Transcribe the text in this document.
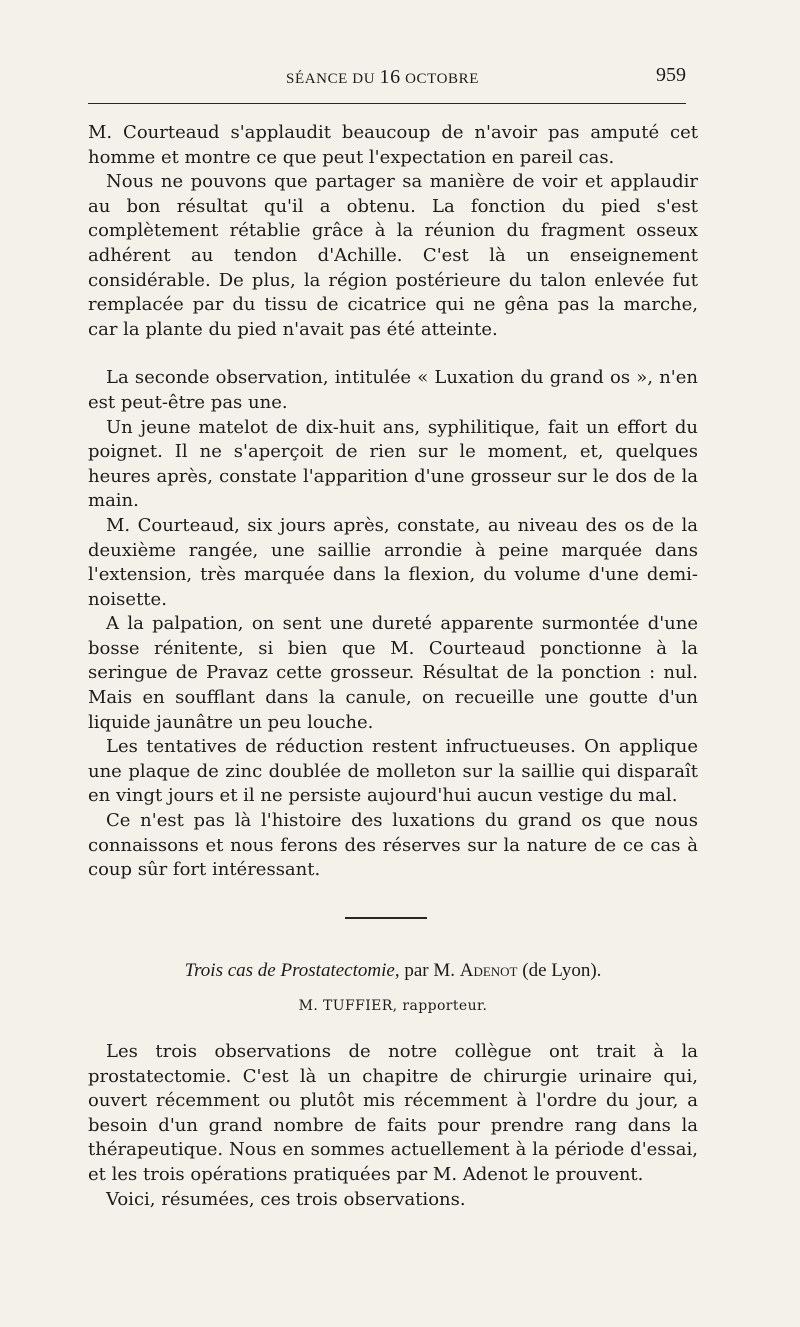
SÉANCE DU 16 OCTOBRE	959

M. Courteaud s'applaudit beaucoup de n'avoir pas amputé cet homme et montre ce que peut l'expectation en pareil cas.

Nous ne pouvons que partager sa manière de voir et applaudir au bon résultat qu'il a obtenu. La fonction du pied s'est complètement rétablie grâce à la réunion du fragment osseux adhérent au tendon d'Achille. C'est là un enseignement considérable. De plus, la région postérieure du talon enlevée fut remplacée par du tissu de cicatrice qui ne gêna pas la marche, car la plante du pied n'avait pas été atteinte.

La seconde observation, intitulée « Luxation du grand os », n'en est peut-être pas une.

Un jeune matelot de dix-huit ans, syphilitique, fait un effort du poignet. Il ne s'aperçoit de rien sur le moment, et, quelques heures après, constate l'apparition d'une grosseur sur le dos de la main.

M. Courteaud, six jours après, constate, au niveau des os de la deuxième rangée, une saillie arrondie à peine marquée dans l'extension, très marquée dans la flexion, du volume d'une demi-noisette.

A la palpation, on sent une dureté apparente surmontée d'une bosse rénitente, si bien que M. Courteaud ponctionne à la seringue de Pravaz cette grosseur. Résultat de la ponction : nul. Mais en soufflant dans la canule, on recueille une goutte d'un liquide jaunâtre un peu louche.

Les tentatives de réduction restent infructueuses. On applique une plaque de zinc doublée de molleton sur la saillie qui disparaît en vingt jours et il ne persiste aujourd'hui aucun vestige du mal.

Ce n'est pas là l'histoire des luxations du grand os que nous connaissons et nous ferons des réserves sur la nature de ce cas à coup sûr fort intéressant.

Trois cas de Prostatectomie, par M. Adenot (de Lyon).
M. TUFFIER, rapporteur.

Les trois observations de notre collègue ont trait à la prostatectomie. C'est là un chapitre de chirurgie urinaire qui, ouvert récemment ou plutôt mis récemment à l'ordre du jour, a besoin d'un grand nombre de faits pour prendre rang dans la thérapeutique. Nous en sommes actuellement à la période d'essai, et les trois opérations pratiquées par M. Adenot le prouvent.

Voici, résumées, ces trois observations.
